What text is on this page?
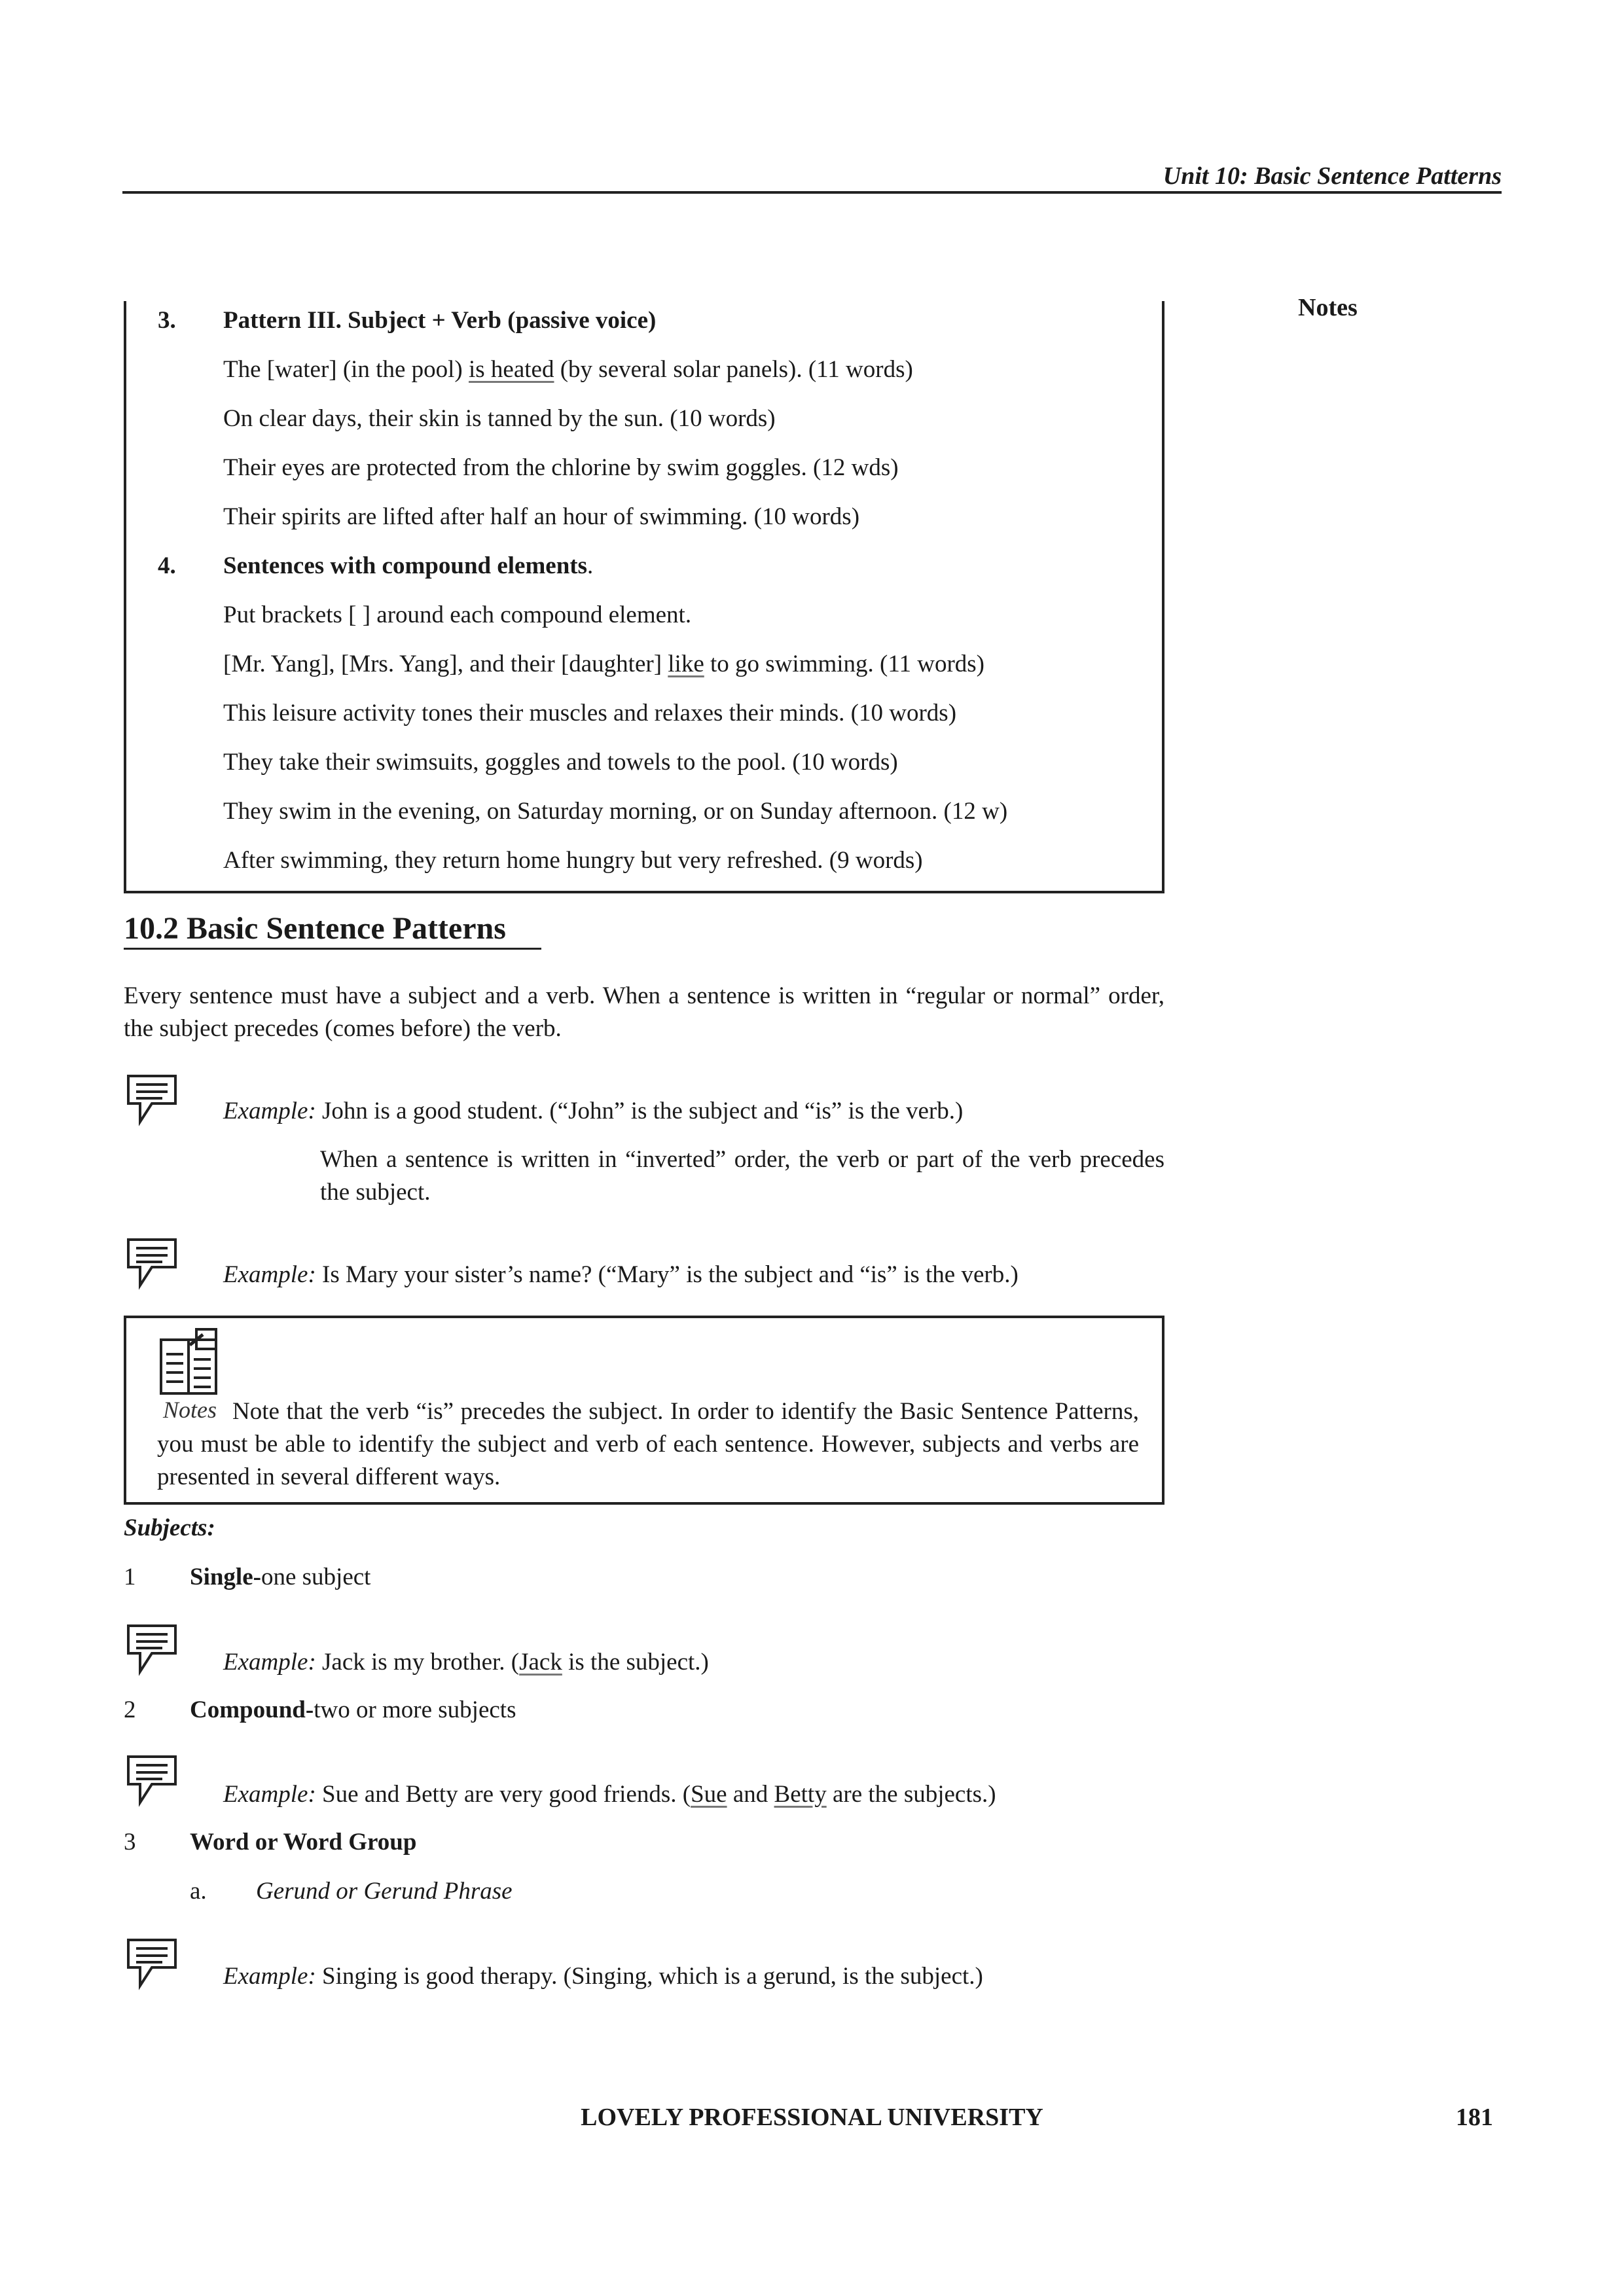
Unit 10: Basic Sentence Patterns
Notes
3. Pattern III. Subject + Verb (passive voice)
The [water] (in the pool) is heated (by several solar panels). (11 words)
On clear days, their skin is tanned by the sun. (10 words)
Their eyes are protected from the chlorine by swim goggles. (12 wds)
Their spirits are lifted after half an hour of swimming. (10 words)
4. Sentences with compound elements.
Put brackets [ ] around each compound element.
[Mr. Yang], [Mrs. Yang], and their [daughter] like to go swimming. (11 words)
This leisure activity tones their muscles and relaxes their minds. (10 words)
They take their swimsuits, goggles and towels to the pool. (10 words)
They swim in the evening, on Saturday morning, or on Sunday afternoon. (12 w)
After swimming, they return home hungry but very refreshed. (9 words)
10.2 Basic Sentence Patterns
Every sentence must have a subject and a verb. When a sentence is written in “regular or normal” order, the subject precedes (comes before) the verb.
Example: John is a good student. (“John” is the subject and “is” is the verb.)
When a sentence is written in “inverted” order, the verb or part of the verb precedes the subject.
Example: Is Mary your sister’s name? (“Mary” is the subject and “is” is the verb.)
Note that the verb “is” precedes the subject. In order to identify the Basic Sentence Patterns, you must be able to identify the subject and verb of each sentence. However, subjects and verbs are presented in several different ways.
Notes
Subjects:
1 Single-one subject
Example: Jack is my brother. (Jack is the subject.)
2 Compound-two or more subjects
Example: Sue and Betty are very good friends. (Sue and Betty are the subjects.)
3 Word or Word Group
a. Gerund or Gerund Phrase
Example: Singing is good therapy. (Singing, which is a gerund, is the subject.)
LOVELY PROFESSIONAL UNIVERSITY	181
